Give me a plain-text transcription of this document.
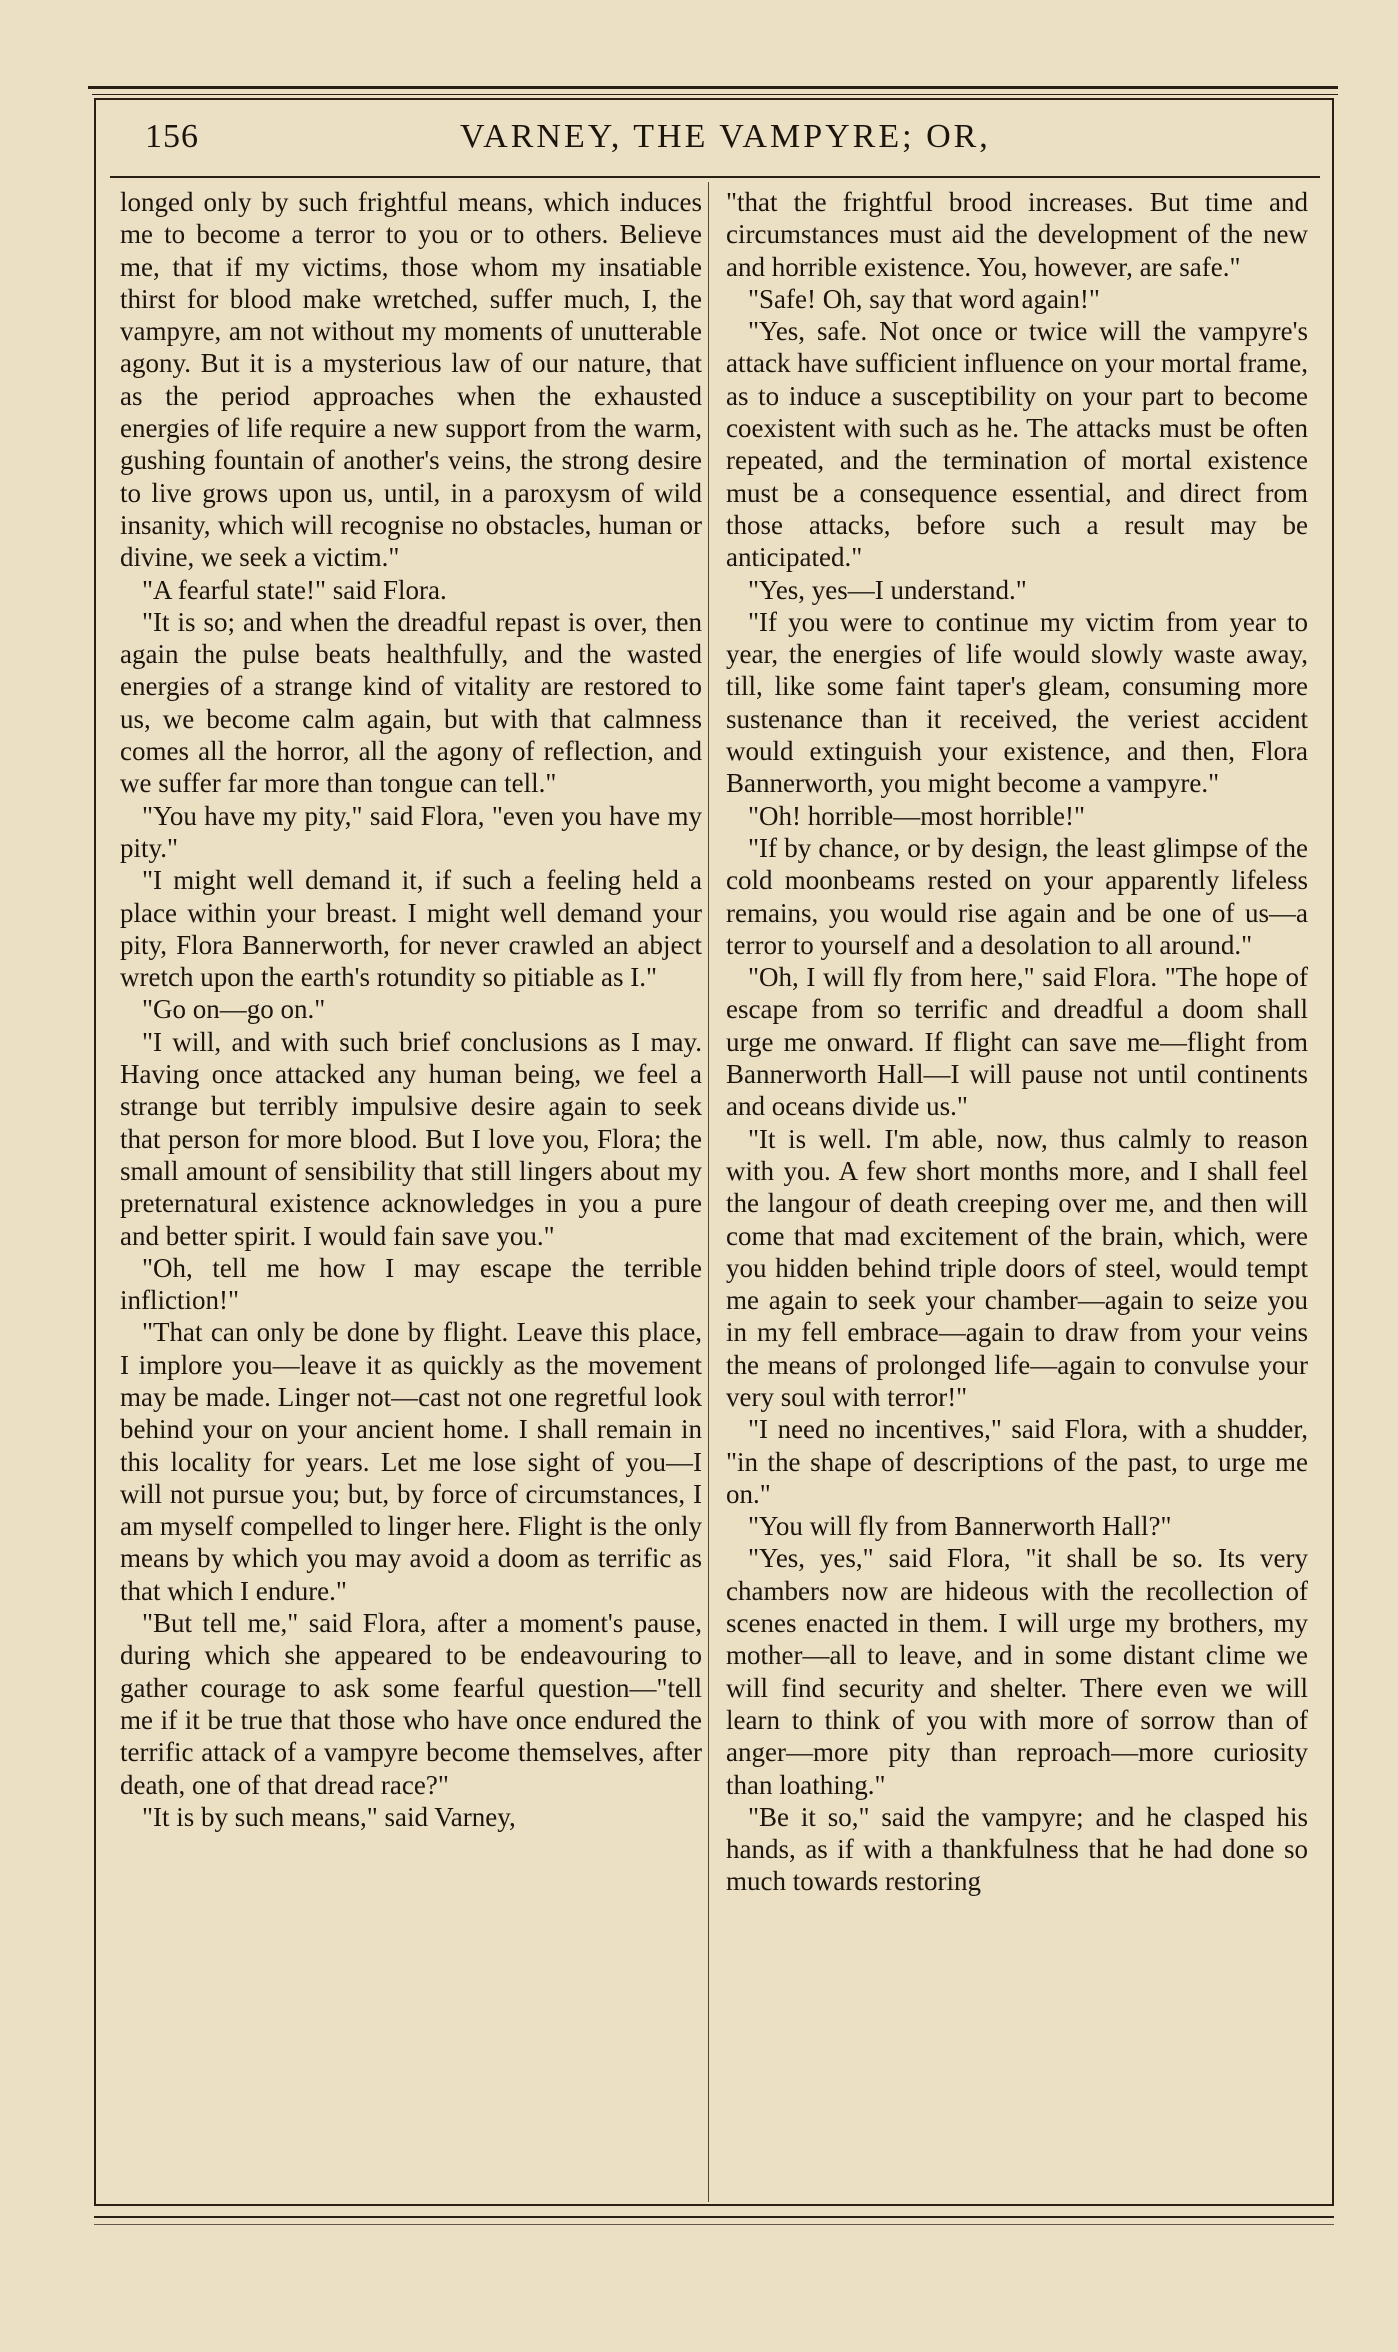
156	VARNEY, THE VAMPYRE; OR,

longed only by such frightful means, which induces me to become a terror to you or to others. Believe me, that if my victims, those whom my insatiable thirst for blood make wretched, suffer much, I, the vampyre, am not without my moments of unutterable agony. But it is a mysterious law of our nature, that as the period approaches when the exhausted energies of life require a new support from the warm, gushing fountain of another's veins, the strong desire to live grows upon us, until, in a paroxysm of wild insanity, which will recognise no obstacles, human or divine, we seek a victim."

"A fearful state!" said Flora.

"It is so; and when the dreadful repast is over, then again the pulse beats healthfully, and the wasted energies of a strange kind of vitality are restored to us, we become calm again, but with that calmness comes all the horror, all the agony of reflection, and we suffer far more than tongue can tell."

"You have my pity," said Flora, "even you have my pity."

"I might well demand it, if such a feeling held a place within your breast. I might well demand your pity, Flora Bannerworth, for never crawled an abject wretch upon the earth's rotundity so pitiable as I."

"Go on—go on."

"I will, and with such brief conclusions as I may. Having once attacked any human being, we feel a strange but terribly impulsive desire again to seek that person for more blood. But I love you, Flora; the small amount of sensibility that still lingers about my preternatural existence acknowledges in you a pure and better spirit. I would fain save you."

"Oh, tell me how I may escape the terrible infliction!"

"That can only be done by flight. Leave this place, I implore you—leave it as quickly as the movement may be made. Linger not—cast not one regretful look behind your on your ancient home. I shall remain in this locality for years. Let me lose sight of you—I will not pursue you; but, by force of circumstances, I am myself compelled to linger here. Flight is the only means by which you may avoid a doom as terrific as that which I endure."

"But tell me," said Flora, after a moment's pause, during which she appeared to be endeavouring to gather courage to ask some fearful question—"tell me if it be true that those who have once endured the terrific attack of a vampyre become themselves, after death, one of that dread race?"

"It is by such means," said Varney,

"that the frightful brood increases. But time and circumstances must aid the development of the new and horrible existence. You, however, are safe."

"Safe! Oh, say that word again!"

"Yes, safe. Not once or twice will the vampyre's attack have sufficient influence on your mortal frame, as to induce a susceptibility on your part to become coexistent with such as he. The attacks must be often repeated, and the termination of mortal existence must be a consequence essential, and direct from those attacks, before such a result may be anticipated."

"Yes, yes—I understand."

"If you were to continue my victim from year to year, the energies of life would slowly waste away, till, like some faint taper's gleam, consuming more sustenance than it received, the veriest accident would extinguish your existence, and then, Flora Bannerworth, you might become a vampyre."

"Oh! horrible—most horrible!"

"If by chance, or by design, the least glimpse of the cold moonbeams rested on your apparently lifeless remains, you would rise again and be one of us—a terror to yourself and a desolation to all around."

"Oh, I will fly from here," said Flora. "The hope of escape from so terrific and dreadful a doom shall urge me onward. If flight can save me—flight from Bannerworth Hall—I will pause not until continents and oceans divide us."

"It is well. I'm able, now, thus calmly to reason with you. A few short months more, and I shall feel the langour of death creeping over me, and then will come that mad excitement of the brain, which, were you hidden behind triple doors of steel, would tempt me again to seek your chamber—again to seize you in my fell embrace—again to draw from your veins the means of prolonged life—again to convulse your very soul with terror!"

"I need no incentives," said Flora, with a shudder, "in the shape of descriptions of the past, to urge me on."

"You will fly from Bannerworth Hall?"

"Yes, yes," said Flora, "it shall be so. Its very chambers now are hideous with the recollection of scenes enacted in them. I will urge my brothers, my mother—all to leave, and in some distant clime we will find security and shelter. There even we will learn to think of you with more of sorrow than of anger—more pity than reproach—more curiosity than loathing."

"Be it so," said the vampyre; and he clasped his hands, as if with a thankfulness that he had done so much towards restoring
